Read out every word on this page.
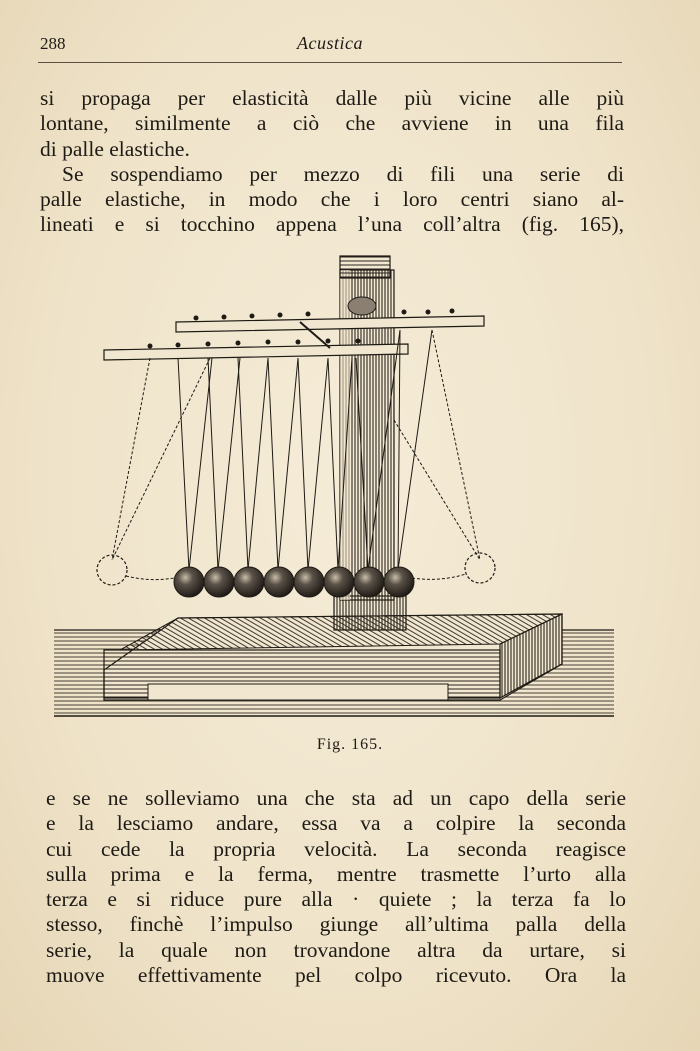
288	Acustica
si propaga per elasticità dalle più vicine alle più
lontane, similmente a ciò che avviene in una fila
di palle elastiche.
Se sospendiamo per mezzo di fili una serie di
palle elastiche, in modo che i loro centri siano al-
lineati e si tocchino appena l’una coll’altra (fig. 165),
Fig. 165.
e se ne solleviamo una che sta ad un capo della serie
e la lesciamo andare, essa va a colpire la seconda
cui cede la propria velocità. La seconda reagisce
sulla prima e la ferma, mentre trasmette l’urto alla
terza e si riduce pure alla · quiete ; la terza fa lo
stesso, finchè l’impulso giunge all’ultima palla della
serie, la quale non trovandone altra da urtare, si
muove effettivamente pel colpo ricevuto. Ora la
